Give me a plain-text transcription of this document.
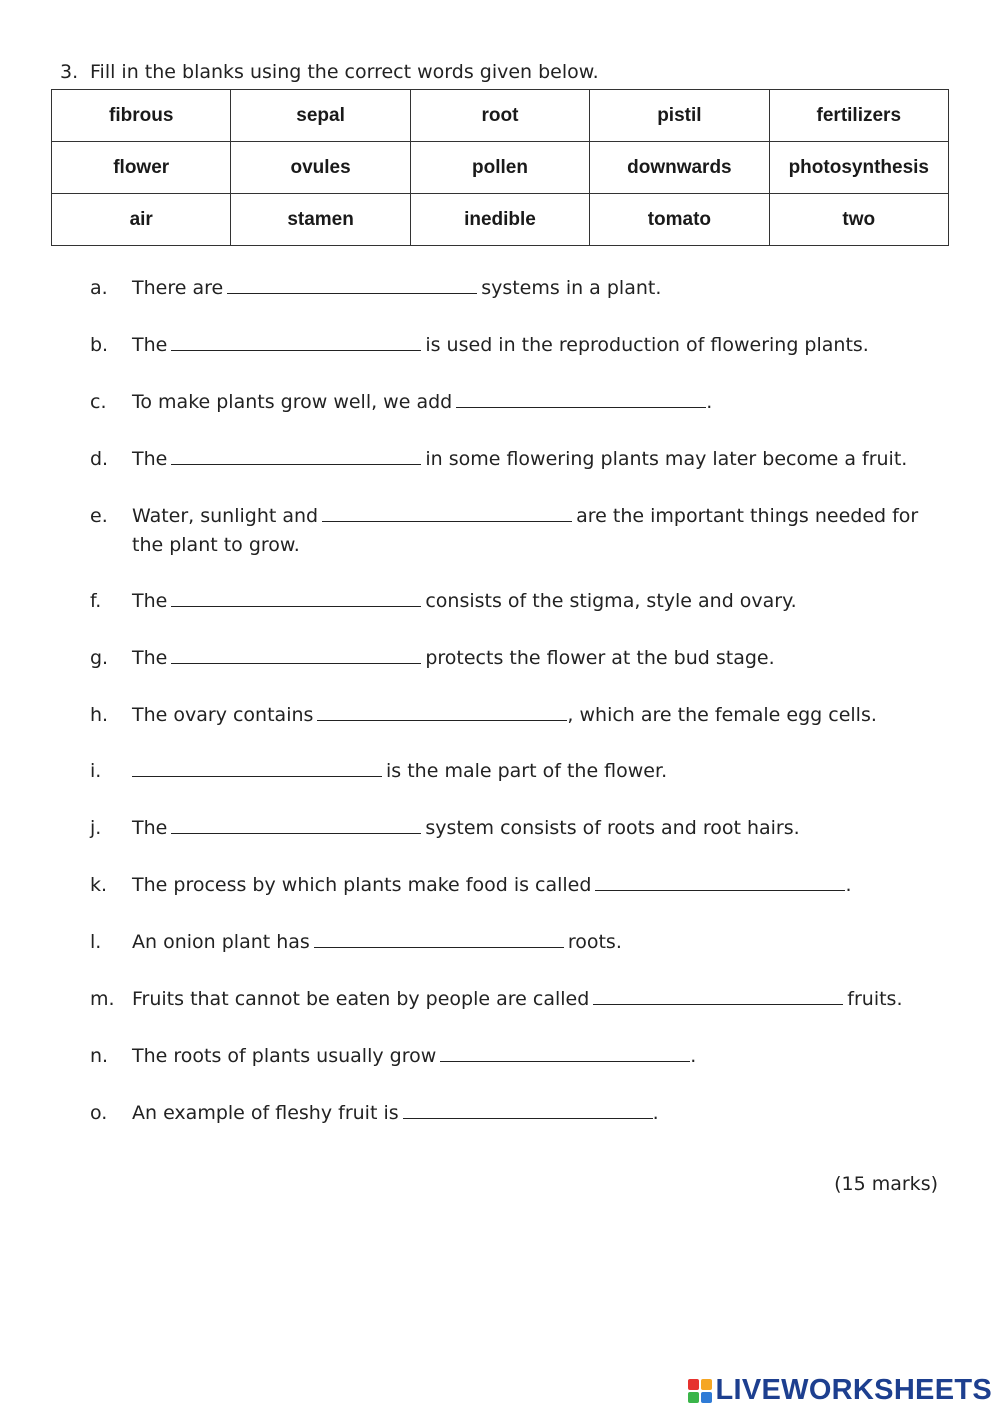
3. Fill in the blanks using the correct words given below.
fibrous	sepal	root	pistil	fertilizers
flower	ovules	pollen	downwards	photosynthesis
air	stamen	inedible	tomato	two
a. There are	systems in a plant.
b. The	is used in the reproduction of flowering plants.
c. To make plants grow well, we add	.
d. The	in some flowering plants may later become a fruit.
e. Water, sunlight and	are the important things needed for the plant to grow.
f. The	consists of the stigma, style and ovary.
g. The	protects the flower at the bud stage.
h. The ovary contains	, which are the female egg cells.
i.	is the male part of the flower.
j. The	system consists of roots and root hairs.
k. The process by which plants make food is called	.
l. An onion plant has	roots.
m. Fruits that cannot be eaten by people are called	fruits.
n. The roots of plants usually grow	.
o. An example of fleshy fruit is	.
(15 marks)
LIVEWORKSHEETS
